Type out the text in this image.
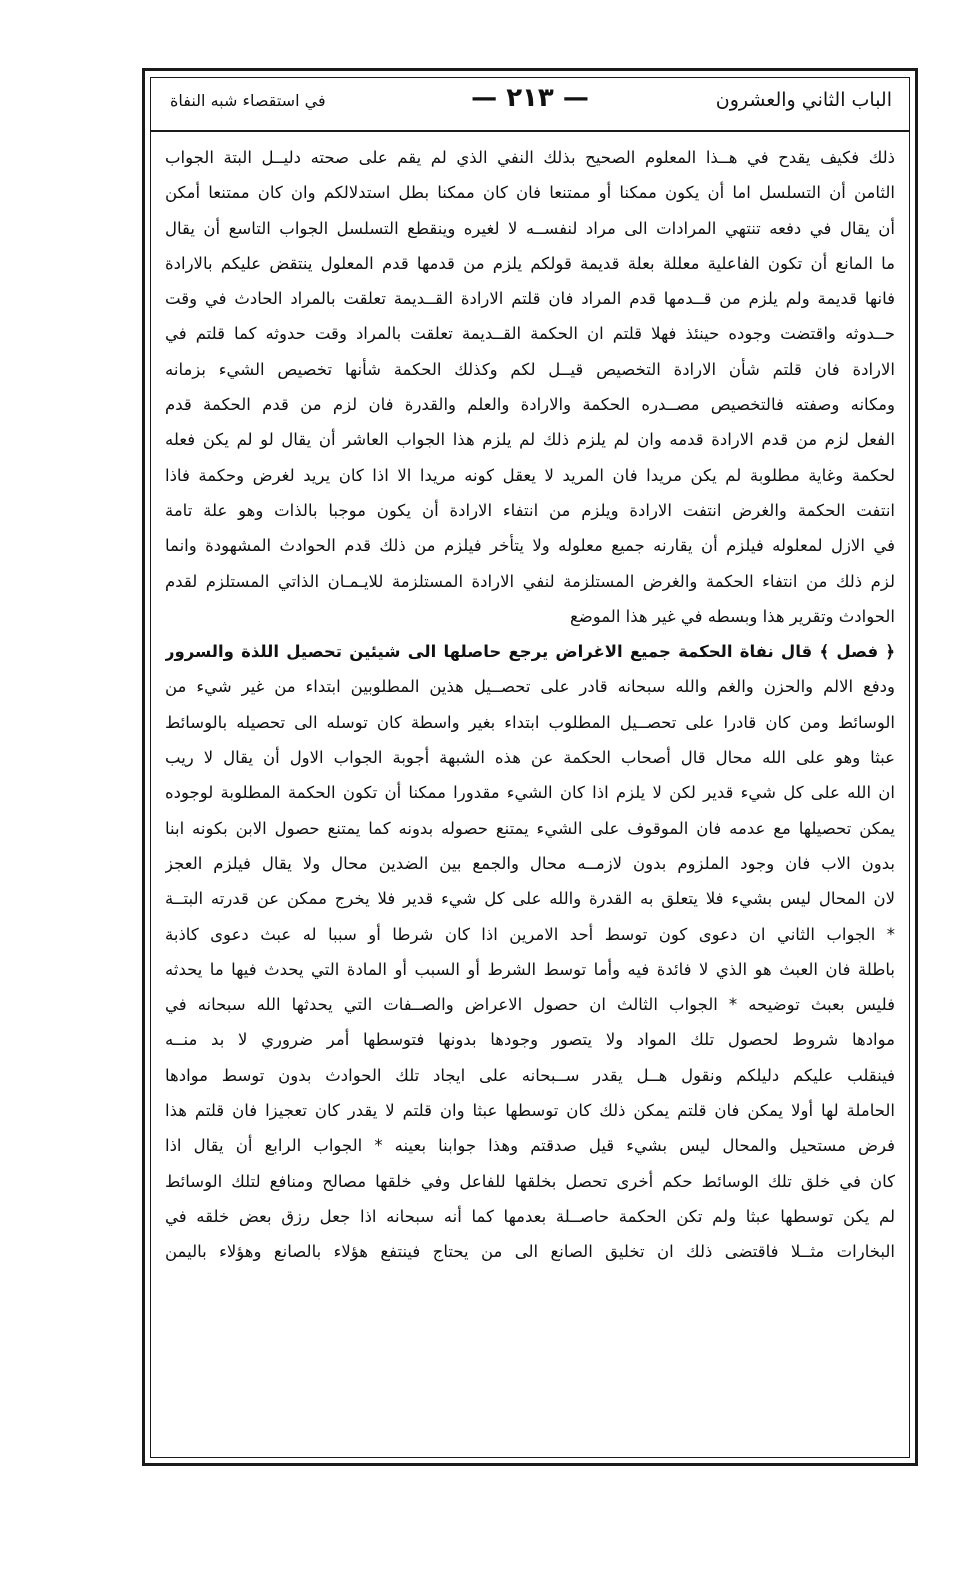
الباب الثاني والعشرون
— ٢١٣ —
في استقصاء شبه النفاة
ذلك فكيف يقدح في هــذا المعلوم الصحيح بذلك النفي الذي لم يقم على صحته دليــل البتة الجواب
الثامن أن التسلسل اما أن يكون ممكنا أو ممتنعا فان كان ممكنا بطل استدلالكم وان كان ممتنعا أمكن
أن يقال في دفعه تنتهي المرادات الى مراد لنفســه لا لغيره وينقطع التسلسل الجواب التاسع أن يقال
ما المانع أن تكون الفاعلية معللة بعلة قديمة قولكم يلزم من قدمها قدم المعلول ينتقض عليكم بالارادة
فانها قديمة ولم يلزم من قــدمها قدم المراد فان قلتم الارادة القــديمة تعلقت بالمراد الحادث في وقت
حــدوثه واقتضت وجوده حينئذ فهلا قلتم ان الحكمة القــديمة تعلقت بالمراد وقت حدوثه كما قلتم في
الارادة فان قلتم شأن الارادة التخصيص قيــل لكم وكذلك الحكمة شأنها تخصيص الشيء بزمانه
ومكانه وصفته فالتخصيص مصــدره الحكمة والارادة والعلم والقدرة فان لزم من قدم الحكمة قدم
الفعل لزم من قدم الارادة قدمه وان لم يلزم ذلك لم يلزم هذا الجواب العاشر أن يقال لو لم يكن فعله
لحكمة وغاية مطلوبة لم يكن مريدا فان المريد لا يعقل كونه مريدا الا اذا كان يريد لغرض وحكمة فاذا
انتفت الحكمة والغرض انتفت الارادة ويلزم من انتفاء الارادة أن يكون موجبا بالذات وهو علة تامة
في الازل لمعلوله فيلزم أن يقارنه جميع معلوله ولا يتأخر فيلزم من ذلك قدم الحوادث المشهودة وانما
لزم ذلك من انتفاء الحكمة والغرض المستلزمة لنفي الارادة المستلزمة للايـمـان الذاتي المستلزم لقدم
الحوادث وتقرير هذا وبسطه في غير هذا الموضع
﴿ فصل ﴾ قال نفاة الحكمة جميع الاغراض يرجع حاصلها الى شيئين تحصيل اللذة والسرور
ودفع الالم والحزن والغم والله سبحانه قادر على تحصــيل هذين المطلوبين ابتداء من غير شيء من
الوسائط ومن كان قادرا على تحصــيل المطلوب ابتداء بغير واسطة كان توسله الى تحصيله بالوسائط
عبثا وهو على الله محال قال أصحاب الحكمة عن هذه الشبهة أجوبة الجواب الاول أن يقال لا ريب
ان الله على كل شيء قدير لكن لا يلزم اذا كان الشيء مقدورا ممكنا أن تكون الحكمة المطلوبة لوجوده
يمكن تحصيلها مع عدمه فان الموقوف على الشيء يمتنع حصوله بدونه كما يمتنع حصول الابن بكونه ابنا
بدون الاب فان وجود الملزوم بدون لازمــه محال والجمع بين الضدين محال ولا يقال فيلزم العجز
لان المحال ليس بشيء فلا يتعلق به القدرة والله على كل شيء قدير فلا يخرج ممكن عن قدرته البتــة
* الجواب الثاني ان دعوى كون توسط أحد الامرين اذا كان شرطا أو سببا له عبث دعوى كاذبة
باطلة فان العبث هو الذي لا فائدة فيه وأما توسط الشرط أو السبب أو المادة التي يحدث فيها ما يحدثه
فليس بعبث توضيحه * الجواب الثالث ان حصول الاعراض والصــفات التي يحدثها الله سبحانه في
موادها شروط لحصول تلك المواد ولا يتصور وجودها بدونها فتوسطها أمر ضروري لا بد منــه
فينقلب عليكم دليلكم ونقول هــل يقدر ســبحانه على ايجاد تلك الحوادث بدون توسط موادها
الحاملة لها أولا يمكن فان قلتم يمكن ذلك كان توسطها عبثا وان قلتم لا يقدر كان تعجيزا فان قلتم هذا
فرض مستحيل والمحال ليس بشيء قيل صدقتم وهذا جوابنا بعينه * الجواب الرابع أن يقال اذا
كان في خلق تلك الوسائط حكم أخرى تحصل بخلقها للفاعل وفي خلقها مصالح ومنافع لتلك الوسائط
لم يكن توسطها عبثا ولم تكن الحكمة حاصــلة بعدمها كما أنه سبحانه اذا جعل رزق بعض خلقه في
البخارات مثــلا فاقتضى ذلك ان تخليق الصانع الى من يحتاج فينتفع هؤلاء بالصانع وهؤلاء باليمن
